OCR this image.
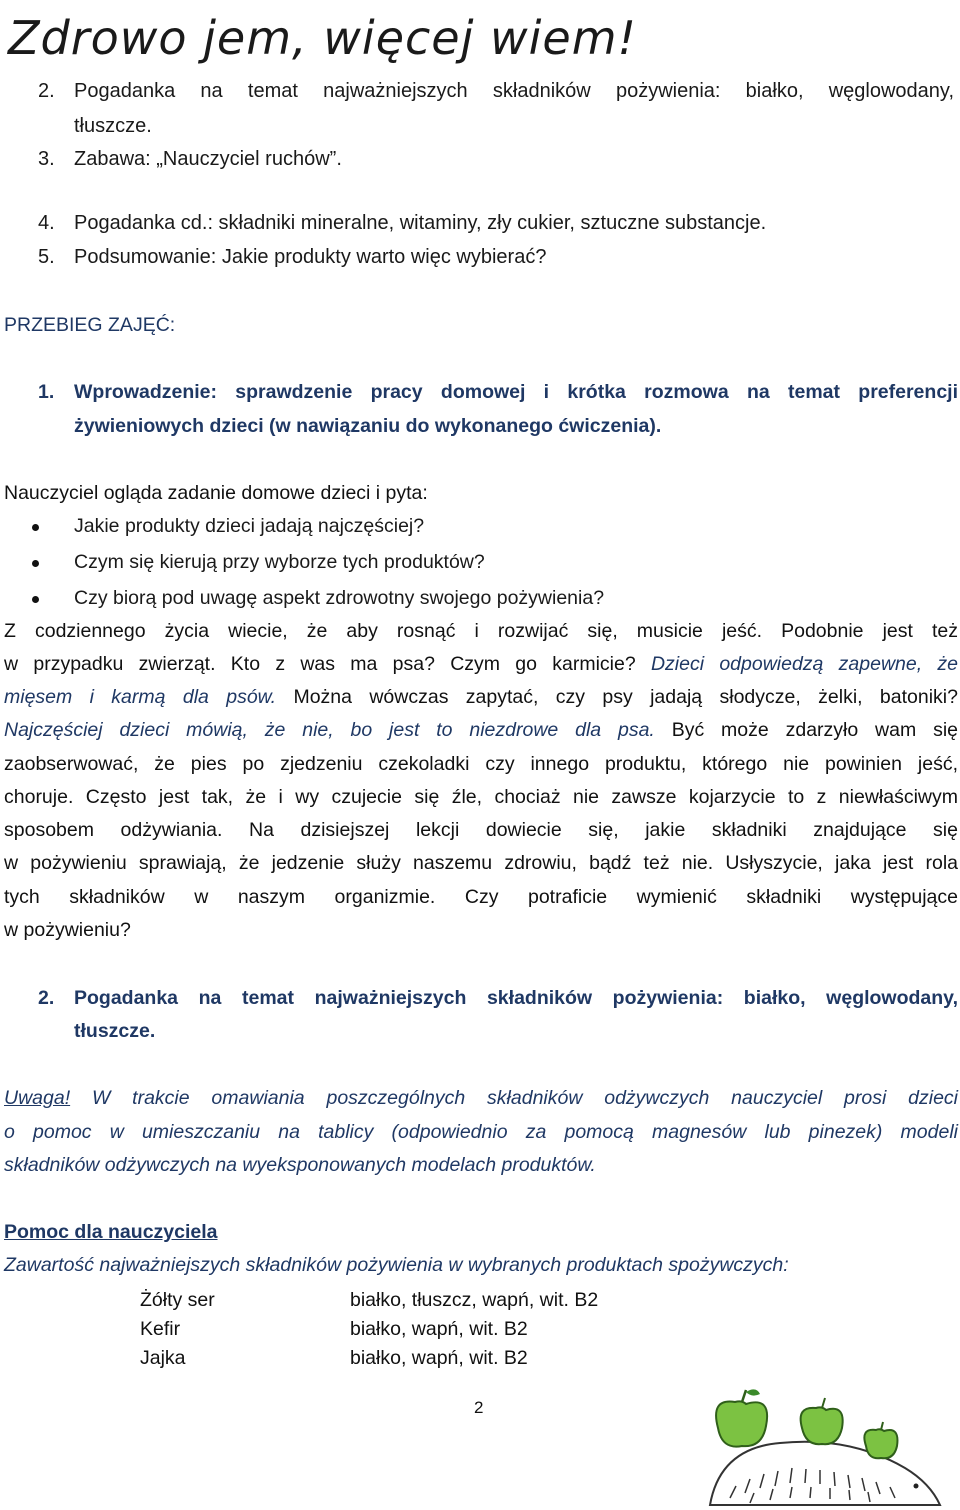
Zdrowo jem, więcej wiem!
2. Pogadanka na temat najważniejszych składników pożywienia: białko, węglowodany,
tłuszcze.
3. Zabawa: „Nauczyciel ruchów”.
4. Pogadanka cd.: składniki mineralne, witaminy, zły cukier, sztuczne substancje.
5. Podsumowanie: Jakie produkty warto więc wybierać?
PRZEBIEG ZAJĘĆ:
1. Wprowadzenie: sprawdzenie pracy domowej i krótka rozmowa na temat preferencji
żywieniowych dzieci (w nawiązaniu do wykonanego ćwiczenia).
Nauczyciel ogląda zadanie domowe dzieci i pyta:
Jakie produkty dzieci jadają najczęściej?
Czym się kierują przy wyborze tych produktów?
Czy biorą pod uwagę aspekt zdrowotny swojego pożywienia?
Z codziennego życia wiecie, że aby rosnąć i rozwijać się, musicie jeść. Podobnie jest też
w przypadku zwierząt. Kto z was ma psa? Czym go karmicie? Dzieci odpowiedzą zapewne, że
mięsem i karmą dla psów. Można wówczas zapytać, czy psy jadają słodycze, żelki, batoniki?
Najczęściej dzieci mówią, że nie, bo jest to niezdrowe dla psa. Być może zdarzyło wam się
zaobserwować, że pies po zjedzeniu czekoladki czy innego produktu, którego nie powinien jeść,
choruje. Często jest tak, że i wy czujecie się źle, chociaż nie zawsze kojarzycie to z niewłaściwym
sposobem odżywiania. Na dzisiejszej lekcji dowiecie się, jakie składniki znajdujące się
w pożywieniu sprawiają, że jedzenie służy naszemu zdrowiu, bądź też nie. Usłyszycie, jaka jest rola
tych składników w naszym organizmie. Czy potraficie wymienić składniki występujące
w pożywieniu?
2. Pogadanka na temat najważniejszych składników pożywienia: białko, węglowodany,
tłuszcze.
Uwaga! W trakcie omawiania poszczególnych składników odżywczych nauczyciel prosi dzieci
o pomoc w umieszczaniu na tablicy (odpowiednio za pomocą magnesów lub pinezek) modeli
składników odżywczych na wyeksponowanych modelach produktów.
Pomoc dla nauczyciela
Zawartość najważniejszych składników pożywienia w wybranych produktach spożywczych:
Żółty ser	białko, tłuszcz, wapń, wit. B2
Kefir	białko, wapń, wit. B2
Jajka	białko, wapń, wit. B2
2
